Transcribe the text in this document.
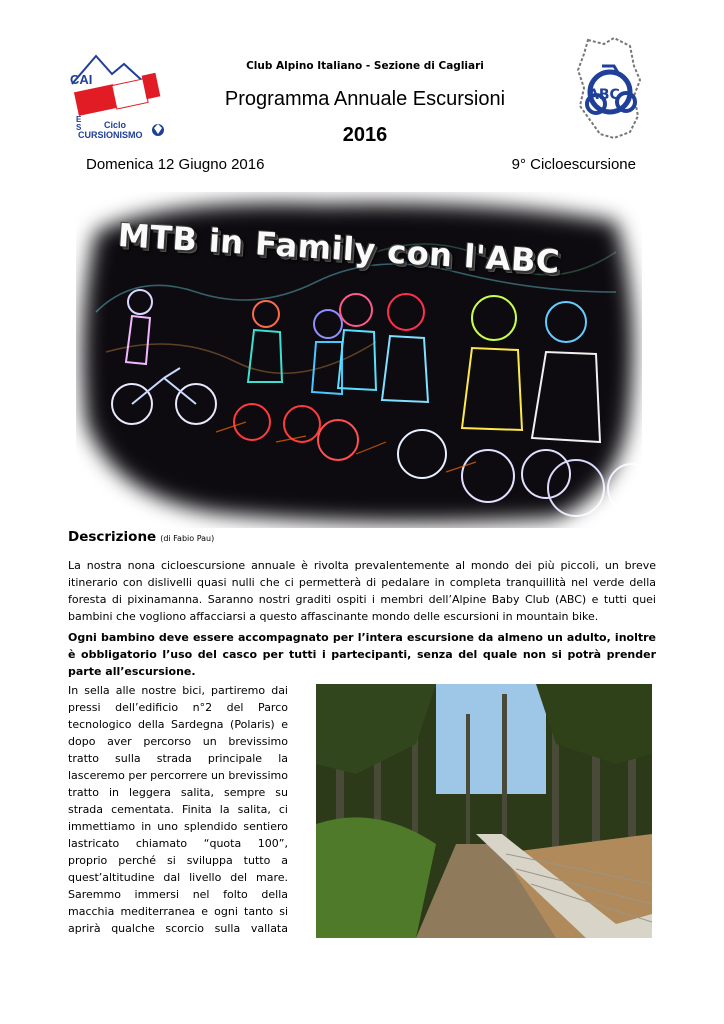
CAI
E
S	Ciclo
CURSIONISMO
ABC
Club Alpino Italiano - Sezione di Cagliari
Programma Annuale Escursioni
2016
Domenica 12 Giugno 2016	9° Cicloescursione
MTB in Family con l'ABC
Descrizione (di Fabio Pau)
La nostra nona cicloescursione annuale è rivolta prevalentemente al mondo dei più piccoli, un breve itinerario con dislivelli quasi nulli che ci permetterà di pedalare in completa tranquillità nel verde della foresta di pixinamanna. Saranno nostri graditi ospiti i membri dell’Alpine Baby Club (ABC) e tutti quei bambini che vogliono affacciarsi a questo affascinante mondo delle escursioni in mountain bike.
Ogni bambino deve essere accompagnato per l’intera escursione da almeno un adulto, inoltre è obbligatorio l’uso del casco per tutti i partecipanti, senza del quale non si potrà prender parte all’escursione.
In sella alle nostre bici, partiremo dai pressi dell’edificio n°2 del Parco tecnologico della Sardegna (Polaris) e dopo aver percorso un brevissimo tratto sulla strada principale la lasceremo per percorrere un brevissimo tratto in leggera salita, sempre su strada cementata. Finita la salita, ci immettiamo in uno splendido sentiero lastricato chiamato “quota 100”, proprio perché si sviluppa tutto a quest’altitudine dal livello del mare. Saremmo immersi nel folto della macchia mediterranea e ogni tanto si aprirà qualche scorcio sulla vallata
